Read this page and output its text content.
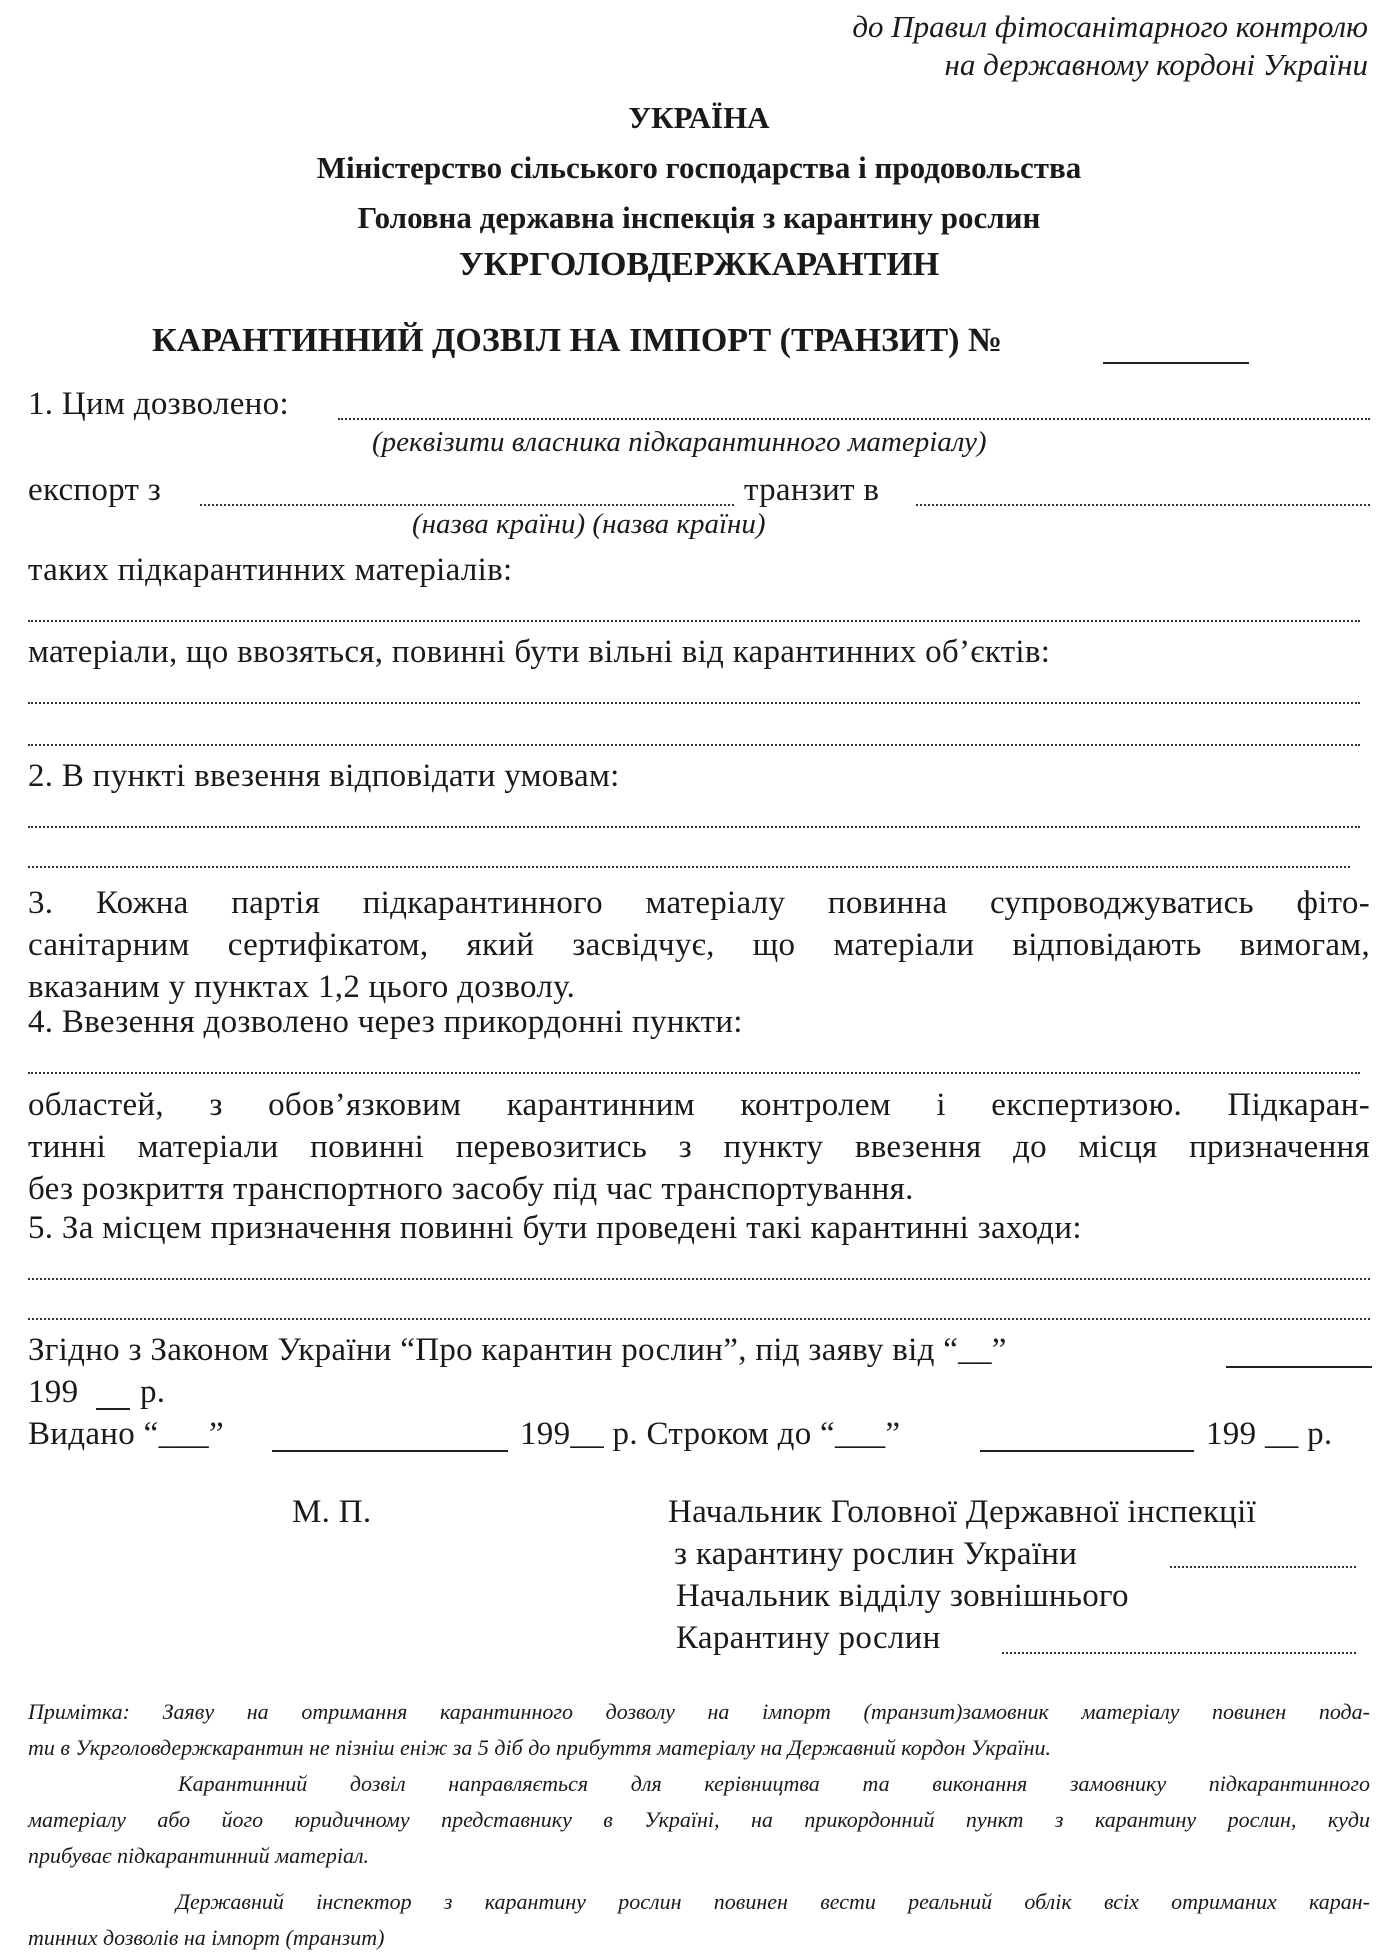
до Правил фітосанітарного контролю
на державному кордоні України
УКРАЇНА
Міністерство сільського господарства і продовольства
Головна державна інспекція з карантину рослин
УКРГОЛОВДЕРЖКАРАНТИН
КАРАНТИННИЙ ДОЗВІЛ НА ІМПОРТ (ТРАНЗИТ) №
1. Цим дозволено:
(реквізити власника підкарантинного матеріалу)
експорт з	транзит в
(назва країни) (назва країни)
таких підкарантинних матеріалів:
матеріали, що ввозяться, повинні бути вільні від карантинних об’єктів:
2. В пункті ввезення відповідати умовам:
3. Кожна партія підкарантинного матеріалу повинна супроводжуватись фіто-
санітарним сертифікатом, який засвідчує, що матеріали відповідають вимогам,
вказаним у пунктах 1,2 цього дозволу.
4. Ввезення дозволено через прикордонні пункти:
областей, з обов’язковим карантинним контролем і експертизою. Підкаран-
тинні матеріали повинні перевозитись з пункту ввезення до місця призначення
без розкриття транспортного засобу під час транспортування.
5. За місцем призначення повинні бути проведені такі карантинні заходи:
Згідно з Законом України “Про карантин рослин”, під заяву від “__”
199 р.
Видано “___”	199__ р. Строком до “___”	199 __ р.
М. П.	Начальник Головної Державної інспекції
з карантину рослин України
Начальник відділу зовнішнього
Карантину рослин
Примітка: Заяву на отримання карантинного дозволу на імпорт (транзит)замовник матеріалу повинен пода-
ти в Укрголовдержкарантин не пізніш еніж за 5 діб до прибуття матеріалу на Державний кордон України.
Карантинний дозвіл направляється для керівництва та виконання замовнику підкарантинного
матеріалу або його юридичному представнику в Україні, на прикордонний пункт з карантину рослин, куди
прибуває підкарантинний матеріал.
Державний інспектор з карантину рослин повинен вести реальний облік всіх отриманих каран-
тинних дозволів на імпорт (транзит)
